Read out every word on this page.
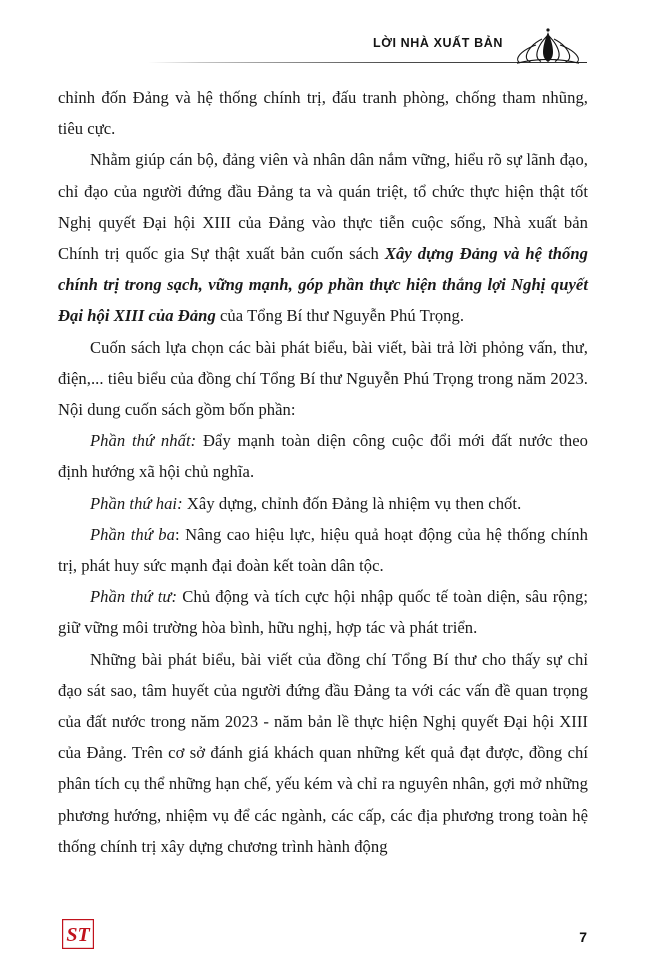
LỜI NHÀ XUẤT BẢN

chỉnh đốn Đảng và hệ thống chính trị, đấu tranh phòng, chống tham nhũng, tiêu cực.

Nhằm giúp cán bộ, đảng viên và nhân dân nắm vững, hiểu rõ sự lãnh đạo, chỉ đạo của người đứng đầu Đảng ta và quán triệt, tổ chức thực hiện thật tốt Nghị quyết Đại hội XIII của Đảng vào thực tiễn cuộc sống, Nhà xuất bản Chính trị quốc gia Sự thật xuất bản cuốn sách Xây dựng Đảng và hệ thống chính trị trong sạch, vững mạnh, góp phần thực hiện thắng lợi Nghị quyết Đại hội XIII của Đảng của Tổng Bí thư Nguyễn Phú Trọng.

Cuốn sách lựa chọn các bài phát biểu, bài viết, bài trả lời phỏng vấn, thư, điện,... tiêu biểu của đồng chí Tổng Bí thư Nguyễn Phú Trọng trong năm 2023. Nội dung cuốn sách gồm bốn phần:

Phần thứ nhất: Đẩy mạnh toàn diện công cuộc đổi mới đất nước theo định hướng xã hội chủ nghĩa.

Phần thứ hai: Xây dựng, chỉnh đốn Đảng là nhiệm vụ then chốt.

Phần thứ ba: Nâng cao hiệu lực, hiệu quả hoạt động của hệ thống chính trị, phát huy sức mạnh đại đoàn kết toàn dân tộc.

Phần thứ tư: Chủ động và tích cực hội nhập quốc tế toàn diện, sâu rộng; giữ vững môi trường hòa bình, hữu nghị, hợp tác và phát triển.

Những bài phát biểu, bài viết của đồng chí Tổng Bí thư cho thấy sự chỉ đạo sát sao, tâm huyết của người đứng đầu Đảng ta với các vấn đề quan trọng của đất nước trong năm 2023 - năm bản lề thực hiện Nghị quyết Đại hội XIII của Đảng. Trên cơ sở đánh giá khách quan những kết quả đạt được, đồng chí phân tích cụ thể những hạn chế, yếu kém và chỉ ra nguyên nhân, gợi mở những phương hướng, nhiệm vụ để các ngành, các cấp, các địa phương trong toàn hệ thống chính trị xây dựng chương trình hành động

ST	7
